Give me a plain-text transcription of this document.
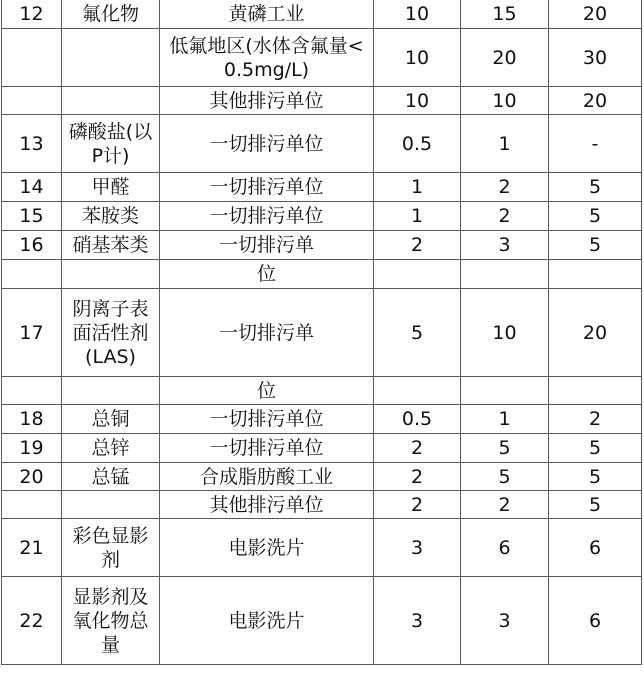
12	氟化物	黄磷工业	10	15	20
		低氟地区(水体含氟量<0.5mg/L)	10	20	30
		其他排污单位	10	10	20
13	磷酸盐(以P计)	一切排污单位	0.5	1	-
14	甲醛	一切排污单位	1	2	5
15	苯胺类	一切排污单位	1	2	5
16	硝基苯类	一切排污单	2	3	5
		位			
17	阴离子表面活性剂(LAS)	一切排污单	5	10	20
		位			
18	总铜	一切排污单位	0.5	1	2
19	总锌	一切排污单位	2	5	5
20	总锰	合成脂肪酸工业	2	5	5
		其他排污单位	2	2	5
21	彩色显影剂	电影洗片	3	6	6
22	显影剂及氧化物总量	电影洗片	3	3	6
